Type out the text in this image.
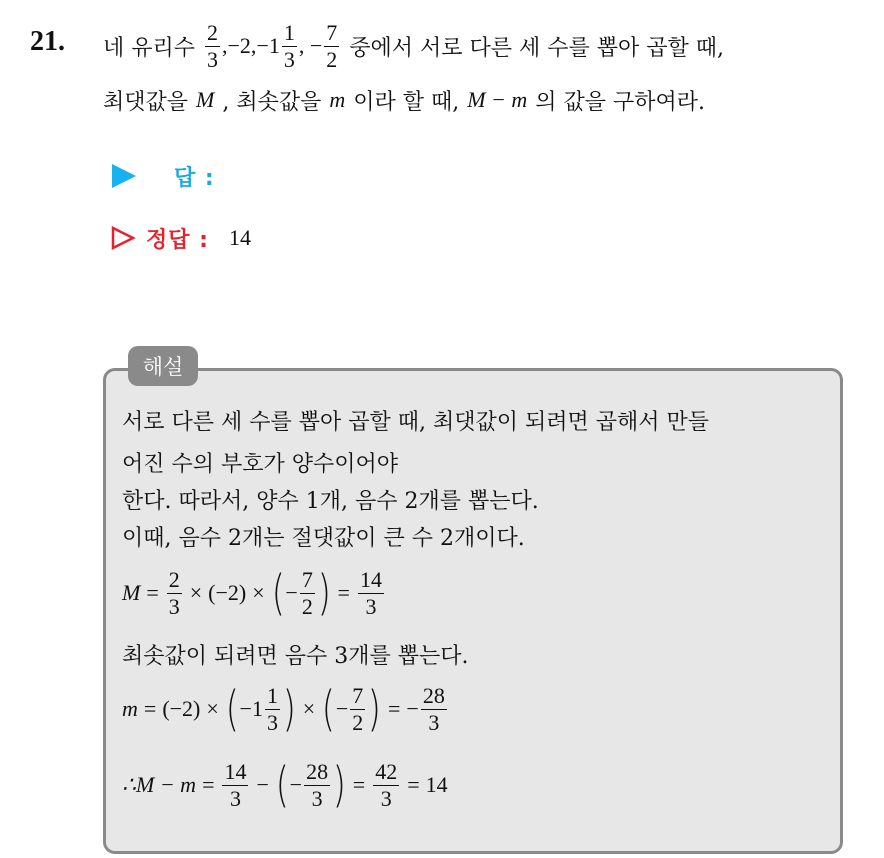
21. 네 유리수 $\frac{2}{3}$ , −2, $-1 \frac{1}{3}$ , − $\frac{7}{2}$ 중에서 서로 다른 세 수를 뽑아 곱할 때,
최댓값을 M , 최솟값을 m 이라 할 때, M − m 의 값을 구하여라.
답 :
정답 : 14
해설
서로 다른 세 수를 뽑아 곱할 때, 최댓값이 되려면 곱해서 만들
어진 수의 부호가 양수이어야
한다. 따라서, 양수 1개, 음수 2개를 뽑는다.
이때, 음수 2개는 절댓값이 큰 수 2개이다.
$M = \frac{2}{3} \times (-2)$ × ( − $\frac{7}{2}$ ) = $\frac{14}{3}$
최솟값이 되려면 음수 3개를 뽑는다.
m = (−2) × ( $-1 \frac{1}{3}$ ) × ( − $\frac{7}{2}$ ) = − $\frac{28}{3}$
∴M − $m = \frac{14}{3}$ − ( − $\frac{28}{3}$ ) = $\frac{42}{3} = 14$
